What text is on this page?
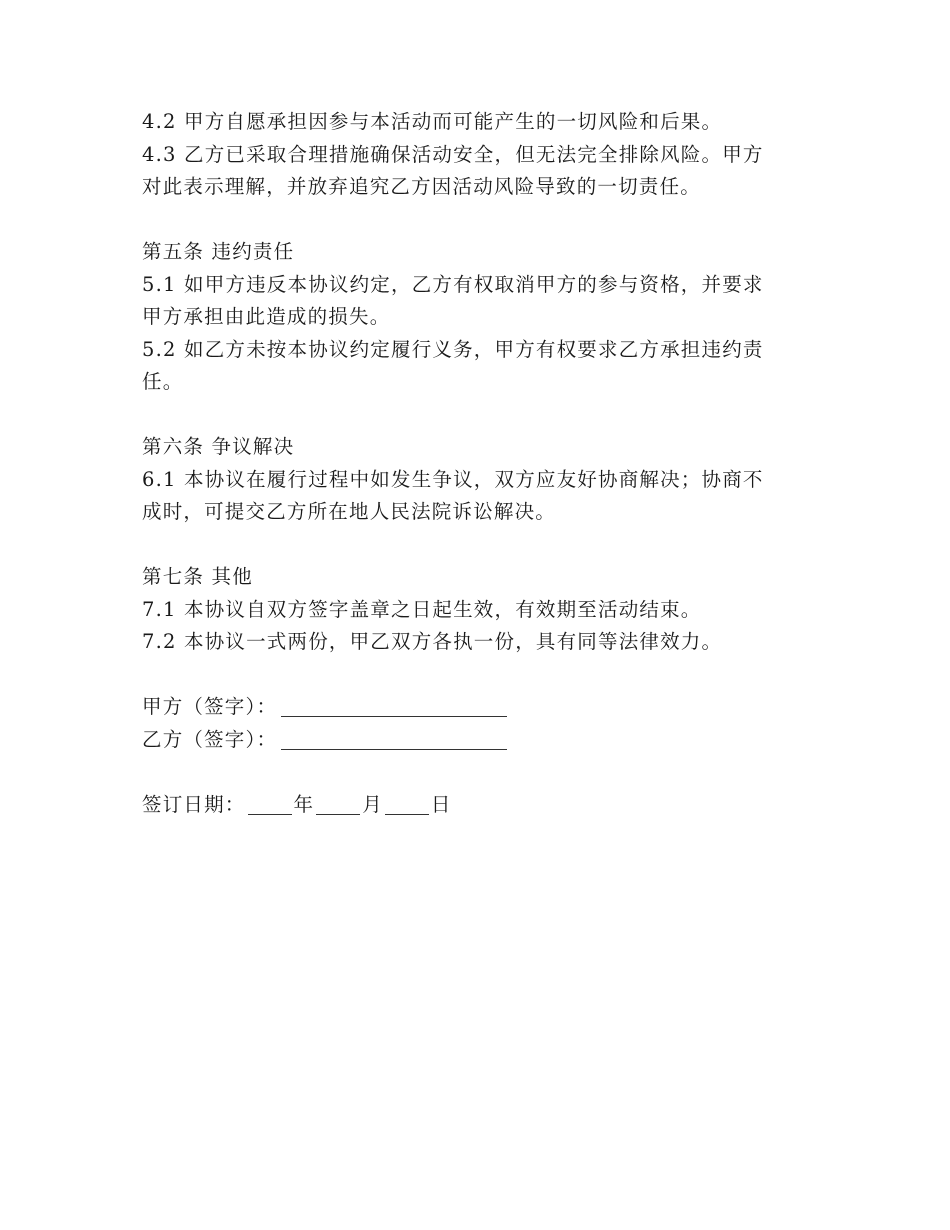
4.2 甲方自愿承担因参与本活动而可能产生的一切风险和后果。

4.3 乙方已采取合理措施确保活动安全，但无法完全排除风险。甲方

对此表示理解，并放弃追究乙方因活动风险导致的一切责任。

第五条 违约责任

5.1 如甲方违反本协议约定，乙方有权取消甲方的参与资格，并要求

甲方承担由此造成的损失。

5.2 如乙方未按本协议约定履行义务，甲方有权要求乙方承担违约责

任。

第六条 争议解决

6.1 本协议在履行过程中如发生争议，双方应友好协商解决；协商不

成时，可提交乙方所在地人民法院诉讼解决。

第七条 其他

7.1 本协议自双方签字盖章之日起生效，有效期至活动结束。

7.2 本协议一式两份，甲乙双方各执一份，具有同等法律效力。

甲方（签字）：
乙方（签字）：
签订日期： 年 月 日
